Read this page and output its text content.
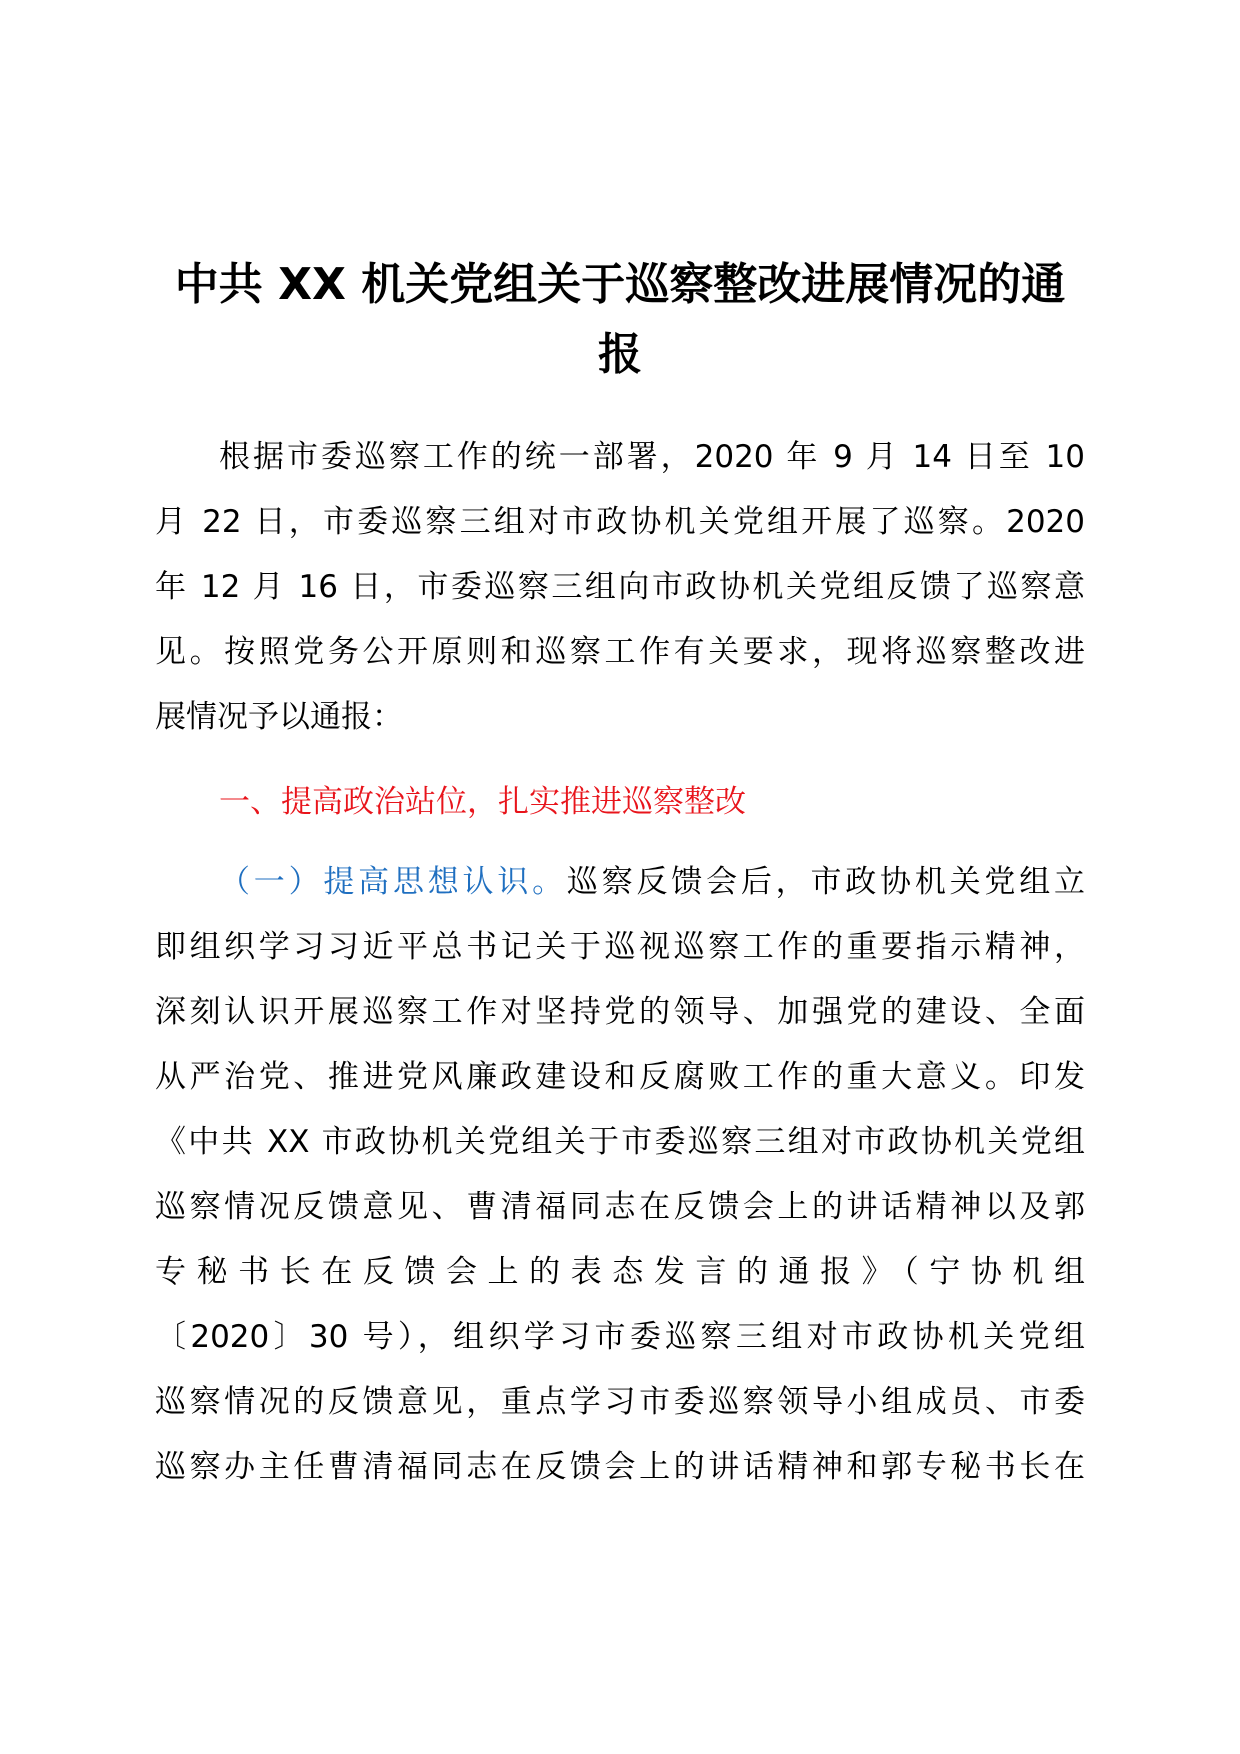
中共 XX 机关党组关于巡察整改进展情况的通
报
根据市委巡察工作的统一部署，2020 年 9 月 14 日至 10
月 22 日，市委巡察三组对市政协机关党组开展了巡察。2020
年 12 月 16 日，市委巡察三组向市政协机关党组反馈了巡察意
见。按照党务公开原则和巡察工作有关要求，现将巡察整改进
展情况予以通报：
一、提高政治站位，扎实推进巡察整改
（一）提高思想认识。巡察反馈会后，市政协机关党组立
即组织学习习近平总书记关于巡视巡察工作的重要指示精神，
深刻认识开展巡察工作对坚持党的领导、加强党的建设、全面
从严治党、推进党风廉政建设和反腐败工作的重大意义。印发
《中共 XX 市政协机关党组关于市委巡察三组对市政协机关党组
巡察情况反馈意见、曹清福同志在反馈会上的讲话精神以及郭
专秘书长在反馈会上的表态发言的通报》（宁协机组
〔2020〕30 号），组织学习市委巡察三组对市政协机关党组
巡察情况的反馈意见，重点学习市委巡察领导小组成员、市委
巡察办主任曹清福同志在反馈会上的讲话精神和郭专秘书长在
